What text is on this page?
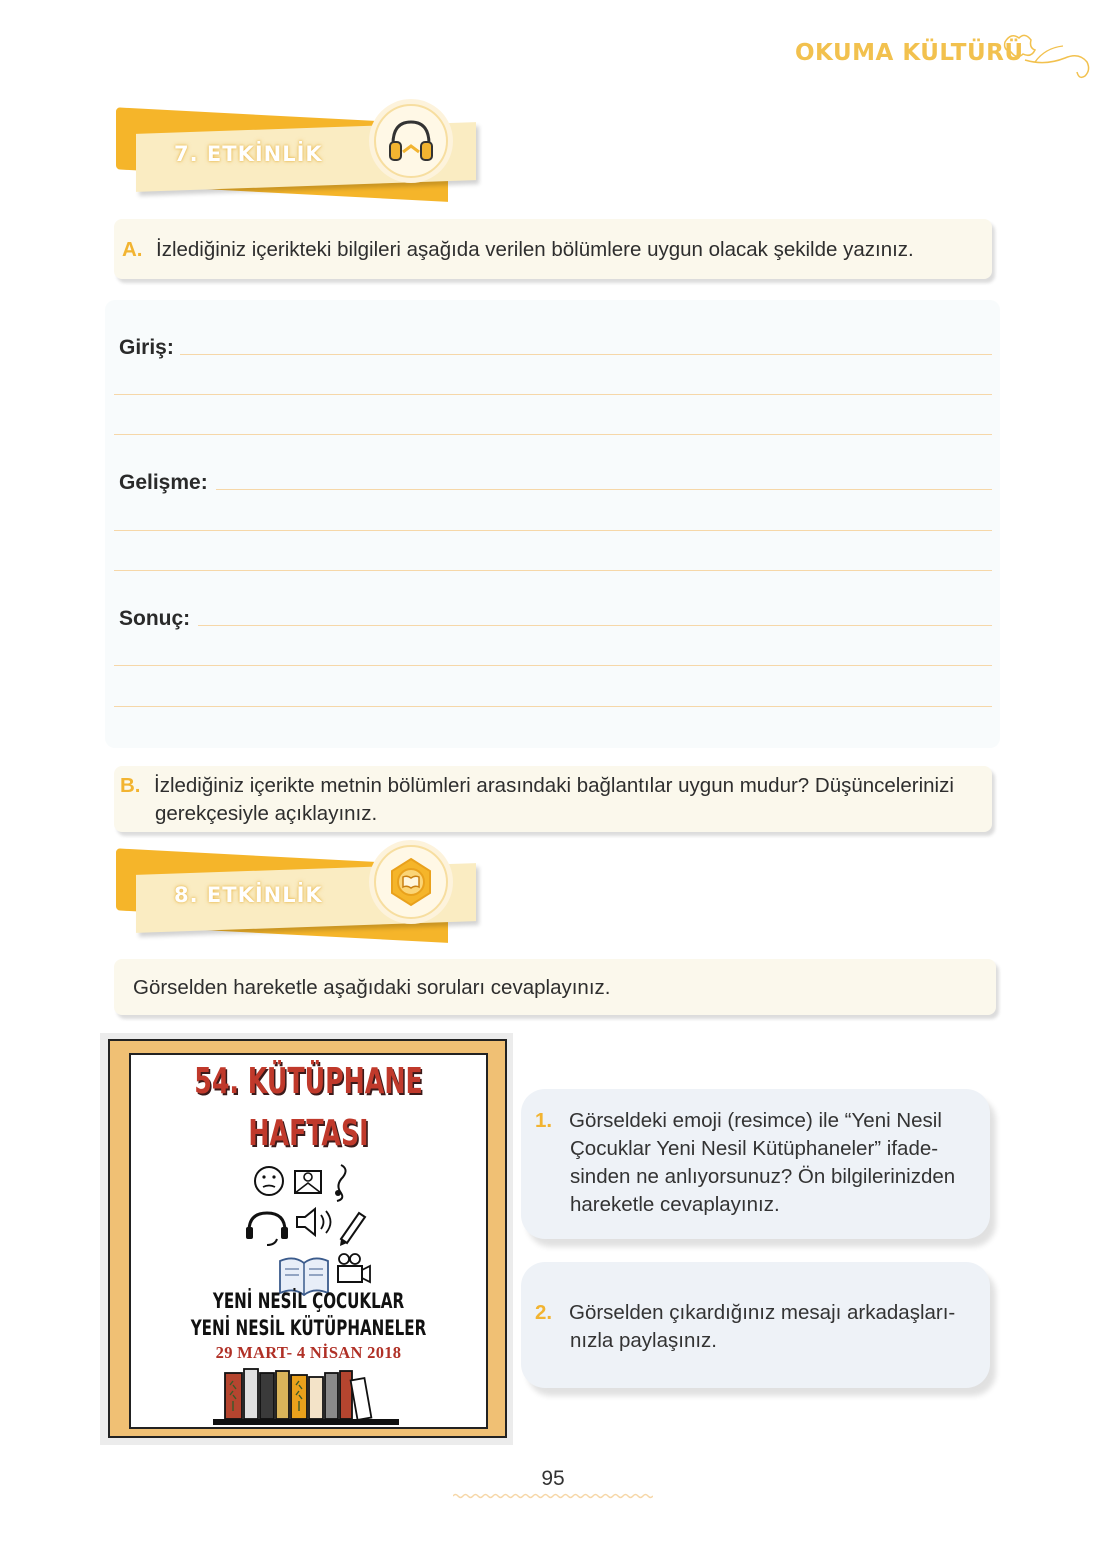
OKUMA KÜLTÜRÜ
7. ETKİNLİK
A. İzlediğiniz içerikteki bilgileri aşağıda verilen bölümlere uygun olacak şekilde yazınız.
Giriş:
Gelişme:
Sonuç:
B. İzlediğiniz içerikte metnin bölümleri arasındaki bağlantılar uygun mudur? Düşüncelerinizi
gerekçesiyle açıklayınız.
8. ETKİNLİK
Görselden hareketle aşağıdaki soruları cevaplayınız.
54. KÜTÜPHANE
HAFTASI
YENİ NESİL ÇOCUKLAR
YENİ NESİL KÜTÜPHANELER
29 MART- 4 NİSAN 2018
1. Görseldeki emoji (resimce) ile “Yeni Nesil
Çocuklar Yeni Nesil Kütüphaneler” ifade-
sinden ne anlıyorsunuz? Ön bilgilerinizden
hareketle cevaplayınız.
2. Görselden çıkardığınız mesajı arkadaşları-
nızla paylaşınız.
95
